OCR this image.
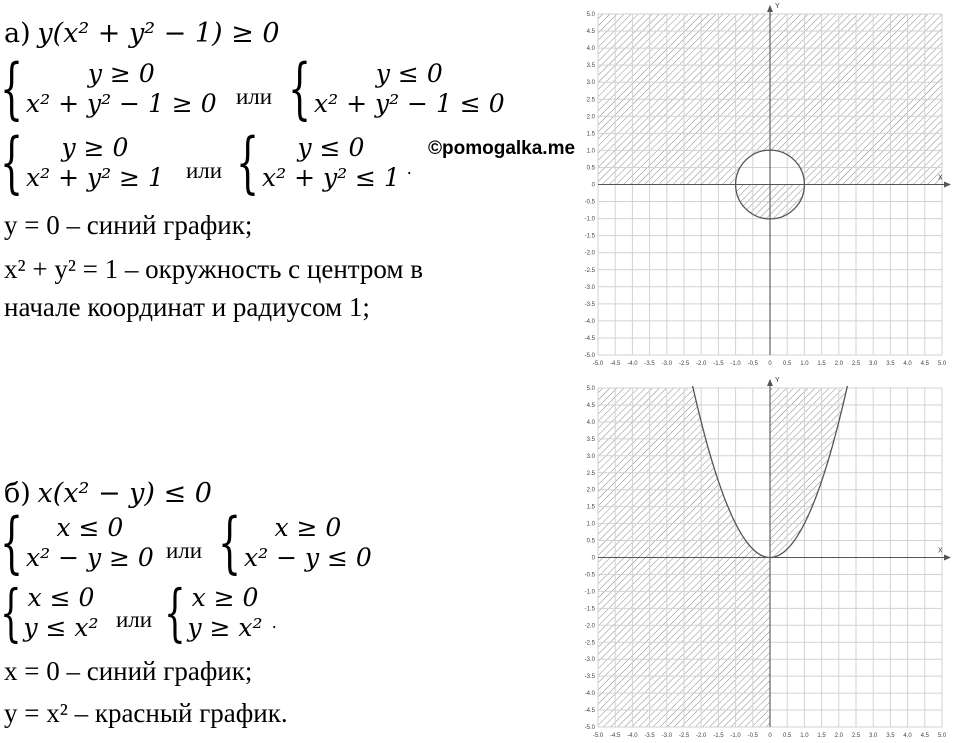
а) y(x² + y² − 1) ≥ 0
{	y ≥ 0
x² + y² − 1 ≥ 0 или {	y ≤ 0
x² + y² − 1 ≤ 0
{	y ≥ 0
x² + y² ≥ 1 или {	y ≤ 0
x² + y² ≤ 1 .
©pomogalka.me
y = 0 – синий график;
x² + y² = 1 – окружность с центром в
начале координат и радиусом 1;
б) x(x² − y) ≤ 0
{	x ≤ 0
x² − y ≥ 0 или {	x ≥ 0
x² − y ≤ 0
{ x ≤ 0
y ≤ x² или { x ≥ 0
y ≥ x² .
x = 0 – синий график;
y = x² – красный график.
X
Y
-5.0
-5.0
-4.5
-4.5
-4.0
-4.0
-3.5
-3.5
-3.0
-3.0
-2.5
-2.5
-2.0
-2.0
-1.5
-1.5
-1.0
-1.0
-0.5
-0.5
0
0
0.5
0.5
1.0
1.0
1.5
1.5
2.0
2.0
2.5
2.5
3.0
3.0
3.5
3.5
4.0
4.0
4.5
4.5
5.0
5.0
X
Y
-5.0
-5.0
-4.5
-4.5
-4.0
-4.0
-3.5
-3.5
-3.0
-3.0
-2.5
-2.5
-2.0
-2.0
-1.5
-1.5
-1.0
-1.0
-0.5
-0.5
0
0
0.5
0.5
1.0
1.0
1.5
1.5
2.0
2.0
2.5
2.5
3.0
3.0
3.5
3.5
4.0
4.0
4.5
4.5
5.0
5.0
